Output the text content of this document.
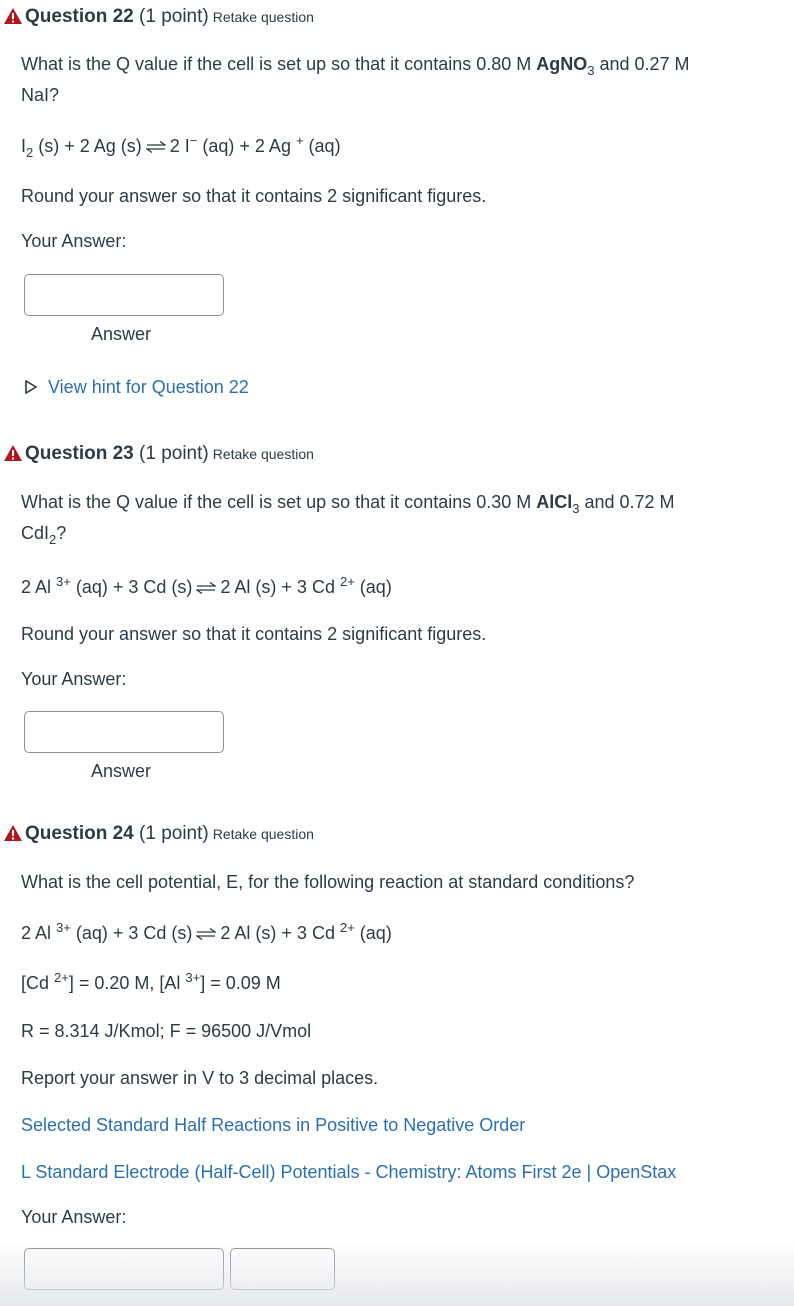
Question 22 (1 point) Retake question
What is the Q value if the cell is set up so that it contains 0.80 M AgNO$_3$ and 0.27 M
NaI?
$I_2$ (s) + 2 Ag (s) ⇌ 2 I− (aq) + 2 Ag + (aq)
Round your answer so that it contains 2 significant figures.
Your Answer:
Answer
View hint for Question 22
Question 23 (1 point) Retake question
What is the Q value if the cell is set up so that it contains 0.30 M AlCl$_3$ and 0.72 M
CdI$_2$?
2 Al $^{3+}$ (aq) + 3 Cd (s) ⇌ 2 Al (s) + 3 Cd $^{2+}$ (aq)
Round your answer so that it contains 2 significant figures.
Your Answer:
Answer
Question 24 (1 point) Retake question
What is the cell potential, E, for the following reaction at standard conditions?
2 Al $^{3+}$ (aq) + 3 Cd (s) ⇌ 2 Al (s) + 3 Cd $^{2+}$ (aq)
[Cd $^{2+}$] = 0.20 M, [Al $^{3+}$] = 0.09 M
R = 8.314 J/Kmol; F = 96500 J/Vmol
Report your answer in V to 3 decimal places.
Selected Standard Half Reactions in Positive to Negative Order
L Standard Electrode (Half-Cell) Potentials - Chemistry: Atoms First 2e | OpenStax
Your Answer:
